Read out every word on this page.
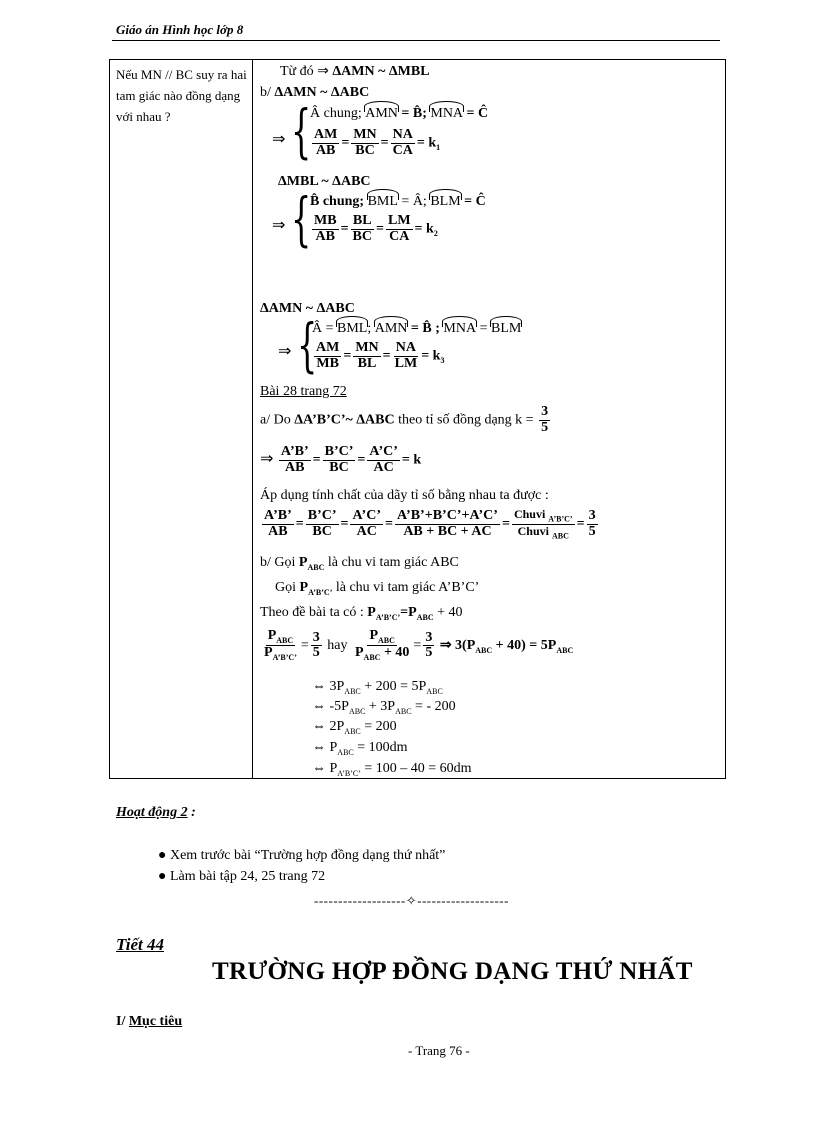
Giáo án Hình học lớp 8
Nếu MN // BC suy ra hai tam giác nào đồng dạng với nhau ?
Từ đó ⇒ ΔAMN ~ ΔMBL
b/ ΔAMN ~ ΔABC
⇒ {
Â chung; AMN = B̂; MNA = Ĉ
$\frac{AM}{AB} = \frac{MN}{BC} = \frac{NA}{CA} = k_1$
ΔMBL ~ ΔABC
⇒ {
B̂ chung; BML = Â; BLM = Ĉ
$\frac{MB}{AB} = \frac{BL}{BC} = \frac{LM}{CA} = k_2$
ΔAMN ~ ΔABC
⇒ {
Â = BML; AMN = B̂ ; MNA = BLM
$\frac{AM}{MB} = \frac{MN}{BL} = \frac{NA}{LM} = k_3$
Bài 28 trang 72
a/ Do ΔA’B’C’~ ΔABC theo tỉ số đồng dạng $k = \frac{3}{5}$
⇒ $\frac{A’B’}{AB} = \frac{B’C’}{BC} = \frac{A’C’}{AC} = k$
Áp dụng tính chất của dãy tỉ số bằng nhau ta được :
$\frac{A’B’}{AB} = \frac{B’C’}{BC} = \frac{A’C’}{AC} = \frac{A’B’+B’C’+A’C’}{AB + BC + AC} = \frac{Chuvi _{A’B’C’}}{Chuvi _{ABC}} = \frac{3}{5}$
b/ Gọi $P_{ABC}$ là chu vi tam giác ABC
Gọi $P_{A’B’C’}$ là chu vi tam giác A’B’C’
Theo đề bài ta có : $P_{A’B’C’}=P_{ABC} + 40$
$\frac{P_{ABC}}{P_{A’B’C’}} = \frac{3}{5}$ hay $\frac{P_{ABC}}{P_{ABC} + 40} = \frac{3}{5}$ ⇒ $3(P_{ABC} + 40) = 5P_{ABC}$
⇔ $3P_{ABC} + 200 = 5P_{ABC}$
⇔ $-5P_{ABC} + 3P_{ABC}$ = - 200
⇔ $2P_{ABC} = 200$
⇔ $P_{ABC} = 100dm$
⇔ $P_{A’B’C’} = 100 - 40 = 60dm$
Hoạt động 2 :
● Xem trước bài “Trường hợp đồng dạng thứ nhất”
● Làm bài tập 24, 25 trang 72
-------------------✧-------------------
Tiết 44
TRƯỜNG HỢP ĐỒNG DẠNG THỨ NHẤT
I/ Mục tiêu
- Trang 76 -
